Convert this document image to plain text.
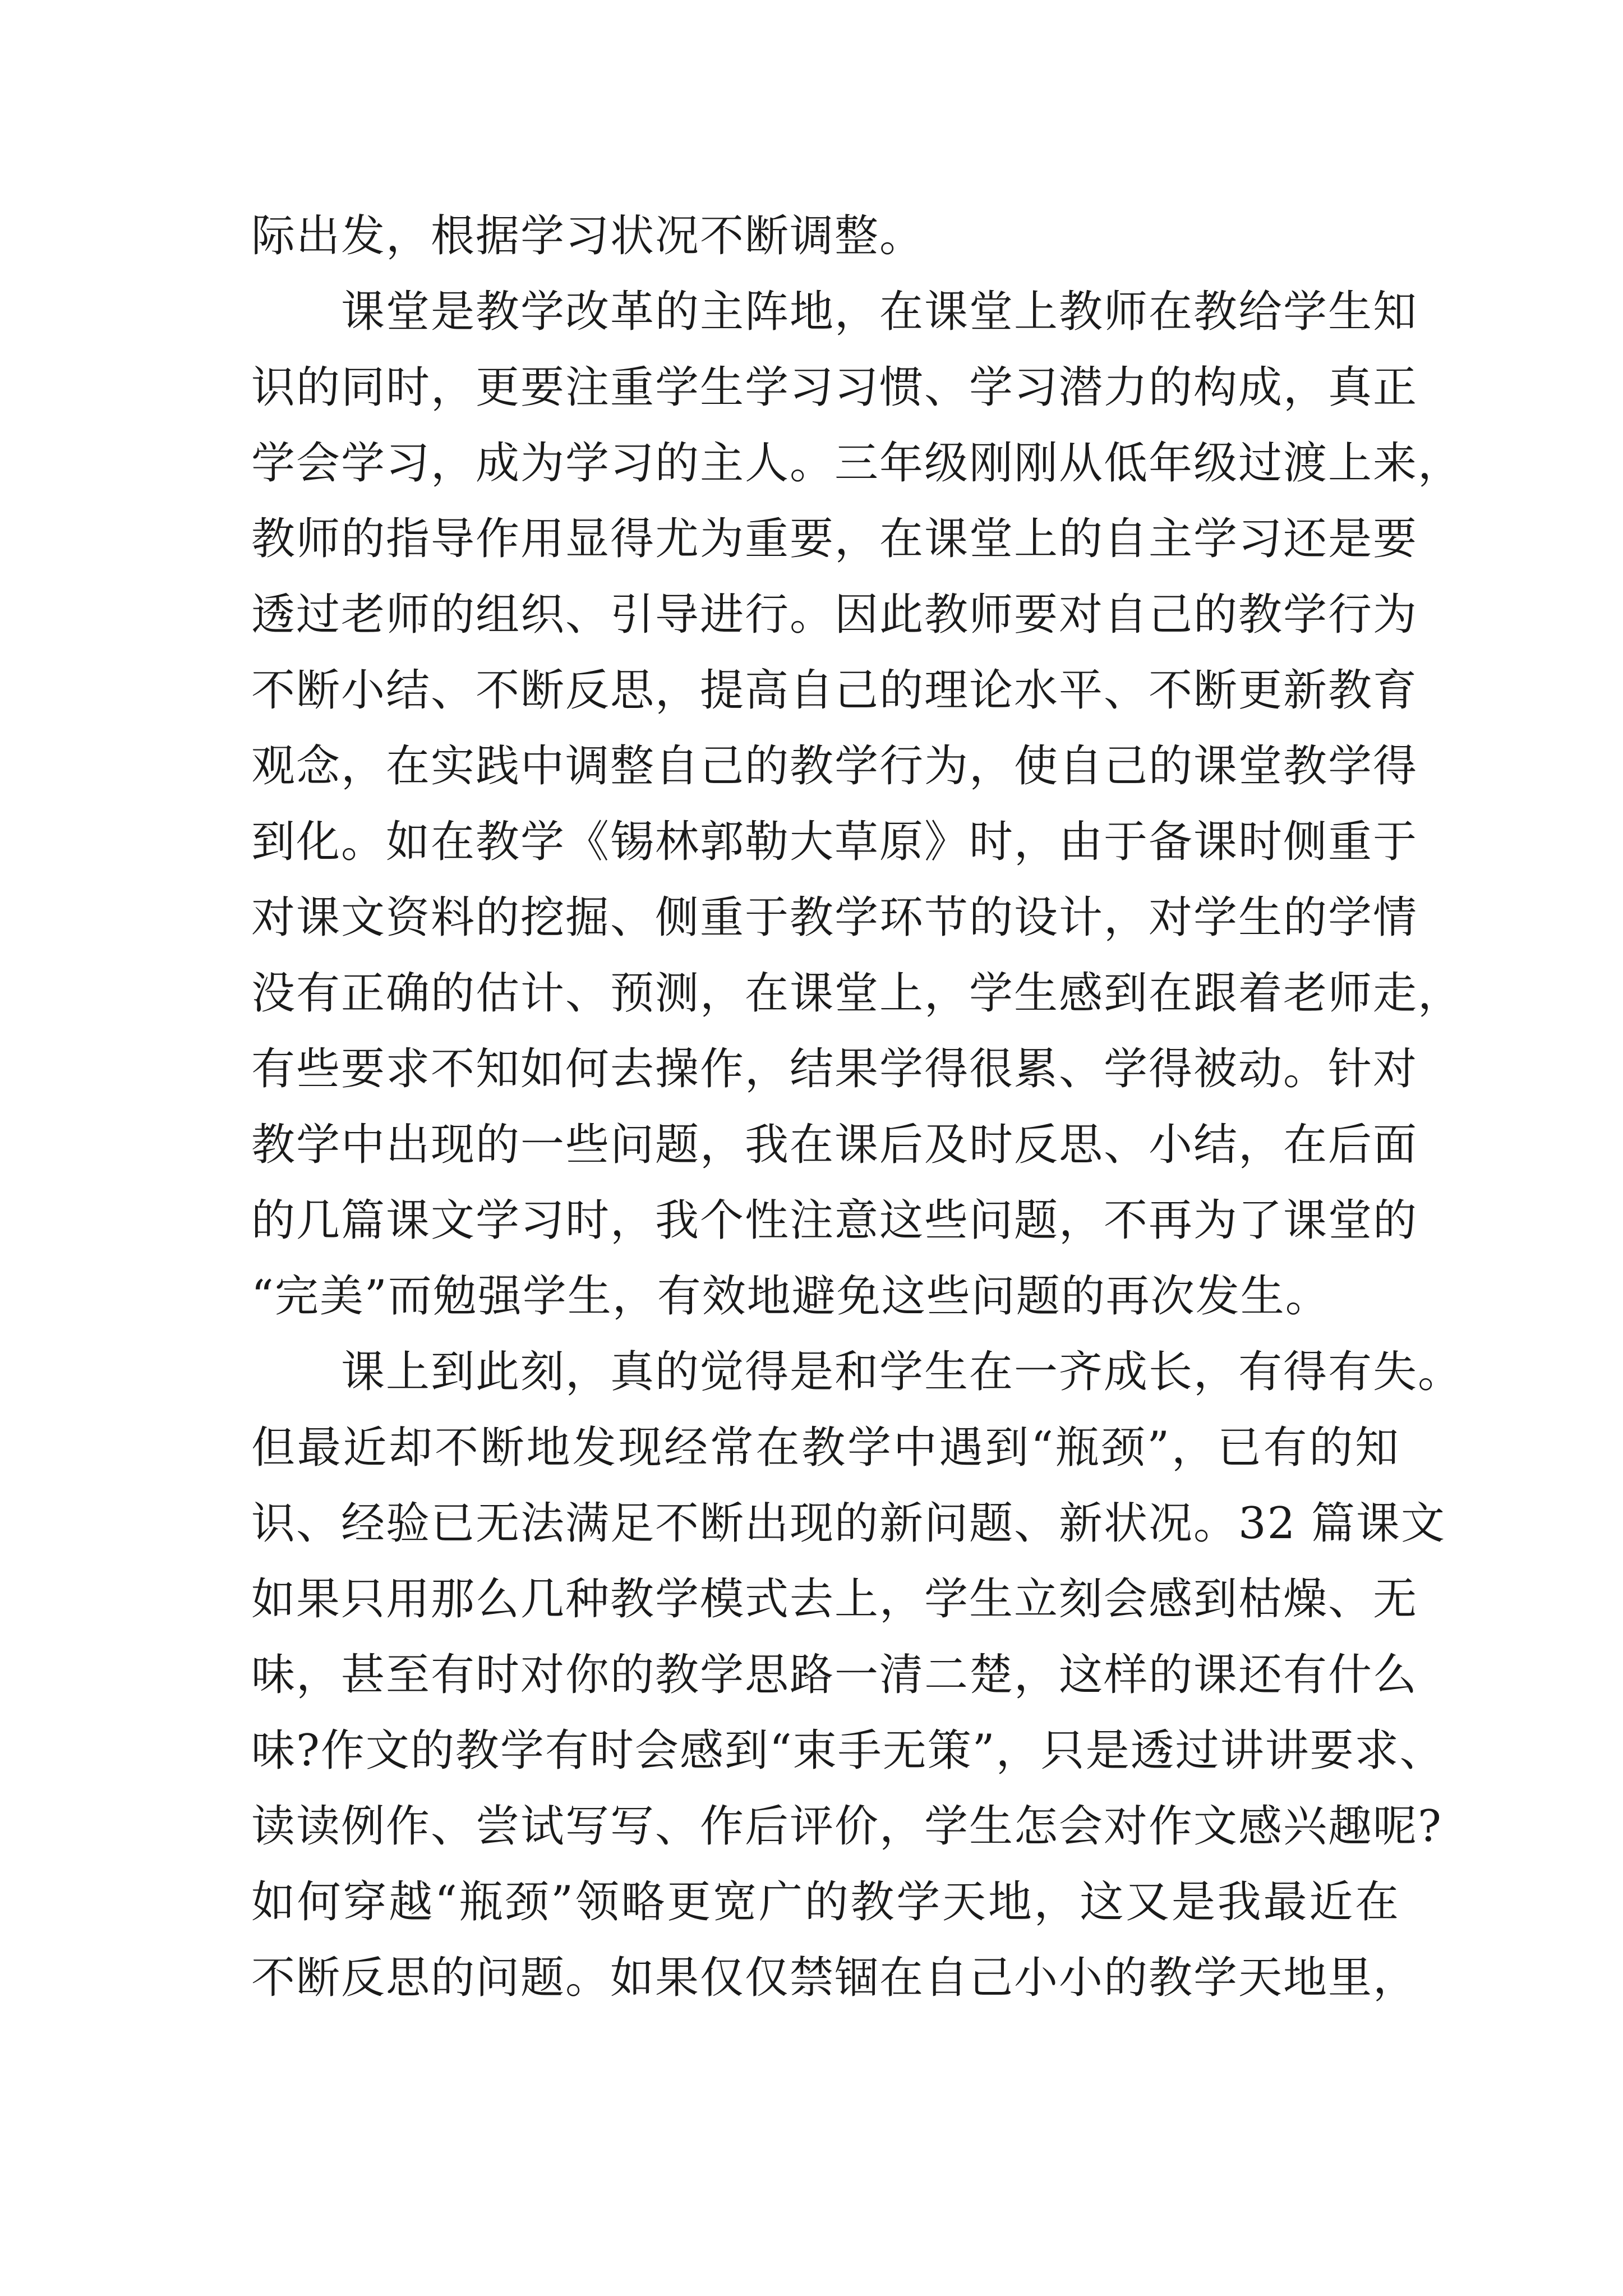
际出发，根据学习状况不断调整。
　　课堂是教学改革的主阵地，在课堂上教师在教给学生知
识的同时，更要注重学生学习习惯、学习潜力的构成，真正
学会学习，成为学习的主人。三年级刚刚从低年级过渡上来，
教师的指导作用显得尤为重要，在课堂上的自主学习还是要
透过老师的组织、引导进行。因此教师要对自己的教学行为
不断小结、不断反思，提高自己的理论水平、不断更新教育
观念，在实践中调整自己的教学行为，使自己的课堂教学得
到化。如在教学《锡林郭勒大草原》时，由于备课时侧重于
对课文资料的挖掘、侧重于教学环节的设计，对学生的学情
没有正确的估计、预测，在课堂上，学生感到在跟着老师走，
有些要求不知如何去操作，结果学得很累、学得被动。针对
教学中出现的一些问题，我在课后及时反思、小结，在后面
的几篇课文学习时，我个性注意这些问题，不再为了课堂的
“完美”而勉强学生，有效地避免这些问题的再次发生。
　　课上到此刻，真的觉得是和学生在一齐成长，有得有失。
但最近却不断地发现经常在教学中遇到“瓶颈”，已有的知
识、经验已无法满足不断出现的新问题、新状况。32 篇课文
如果只用那么几种教学模式去上，学生立刻会感到枯燥、无
味，甚至有时对你的教学思路一清二楚，这样的课还有什么
味?作文的教学有时会感到“束手无策”，只是透过讲讲要求、
读读例作、尝试写写、作后评价，学生怎会对作文感兴趣呢?
如何穿越“瓶颈”领略更宽广的教学天地，这又是我最近在
不断反思的问题。如果仅仅禁锢在自己小小的教学天地里，
